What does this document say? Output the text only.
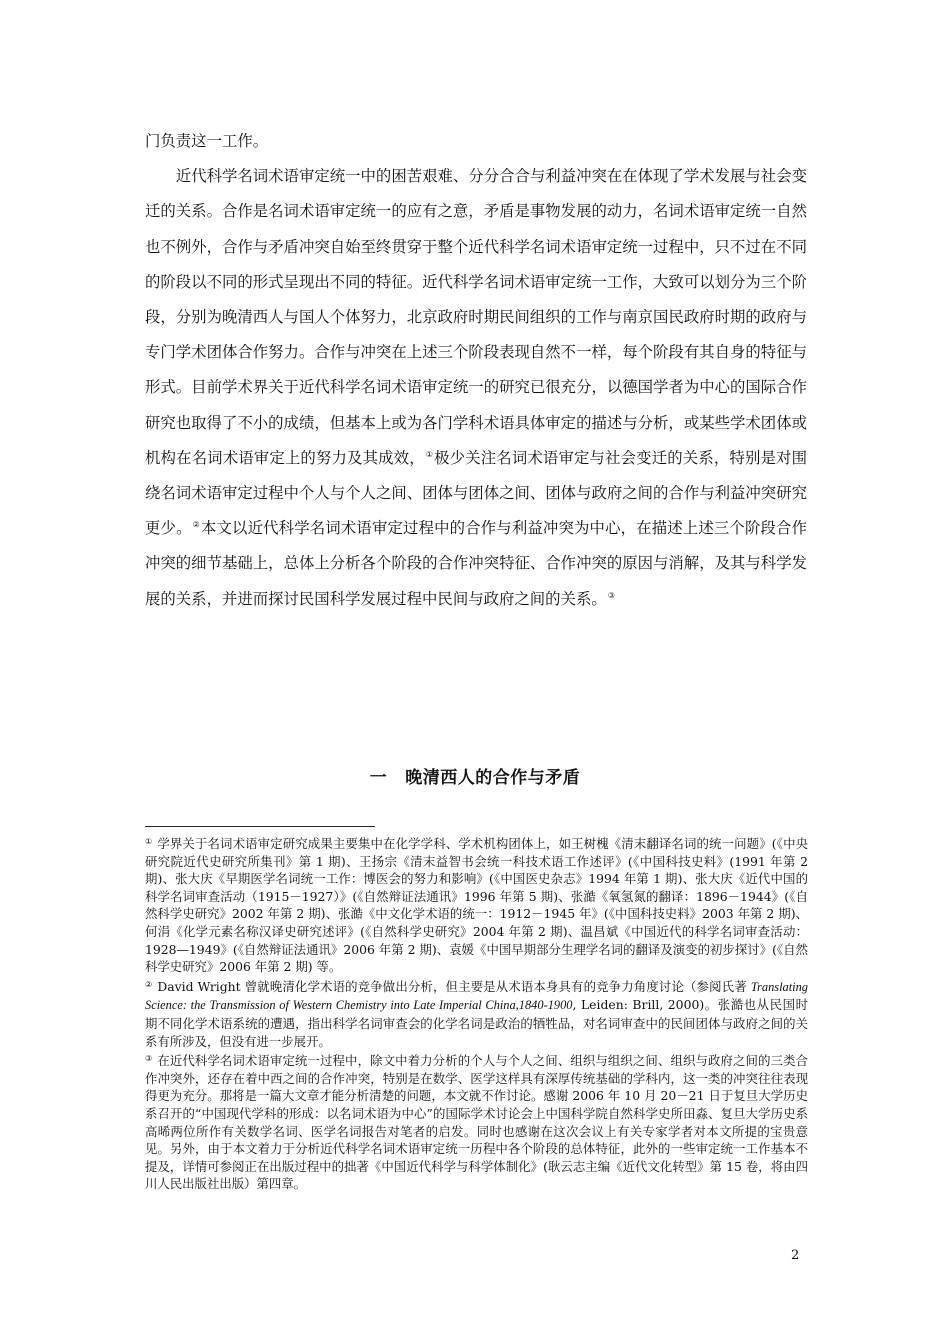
门负责这一工作。

近代科学名词术语审定统一中的困苦艰难、分分合合与利益冲突在在体现了学术发展与社会变迁的关系。合作是名词术语审定统一的应有之意，矛盾是事物发展的动力，名词术语审定统一自然也不例外，合作与矛盾冲突自始至终贯穿于整个近代科学名词术语审定统一过程中，只不过在不同的阶段以不同的形式呈现出不同的特征。近代科学名词术语审定统一工作，大致可以划分为三个阶段，分别为晚清西人与国人个体努力，北京政府时期民间组织的工作与南京国民政府时期的政府与专门学术团体合作努力。合作与冲突在上述三个阶段表现自然不一样，每个阶段有其自身的特征与形式。目前学术界关于近代科学名词术语审定统一的研究已很充分，以德国学者为中心的国际合作研究也取得了不小的成绩，但基本上或为各门学科术语具体审定的描述与分析，或某些学术团体或机构在名词术语审定上的努力及其成效，①极少关注名词术语审定与社会变迁的关系，特别是对围绕名词术语审定过程中个人与个人之间、团体与团体之间、团体与政府之间的合作与利益冲突研究更少。②本文以近代科学名词术语审定过程中的合作与利益冲突为中心，在描述上述三个阶段合作冲突的细节基础上，总体上分析各个阶段的合作冲突特征、合作冲突的原因与消解，及其与科学发展的关系，并进而探讨民国科学发展过程中民间与政府之间的关系。③

一 晚清西人的合作与矛盾

① 学界关于名词术语审定研究成果主要集中在化学学科、学术机构团体上，如王树槐《清末翻译名词的统一问题》(《中央研究院近代史研究所集刊》第 1 期)、王扬宗《清末益智书会统一科技术语工作述评》(《中国科技史料》(1991 年第 2 期)、张大庆《早期医学名词统一工作：博医会的努力和影响》(《中国医史杂志》1994 年第 1 期)、张大庆《近代中国的科学名词审查活动（1915－1927）》(《自然辩证法通讯》1996 年第 5 期)、张澔《氧氢氮的翻译：1896－1944》(《自然科学史研究》2002 年第 2 期)、张澔《中文化学术语的统一：1912－1945 年》(《中国科技史料》2003 年第 2 期)、何涓《化学元素名称汉译史研究述评》(《自然科学史研究》2004 年第 2 期)、温昌斌《中国近代的科学名词审查活动：1928—1949》(《自然辩证法通讯》2006 年第 2 期)、袁媛《中国早期部分生理学名词的翻译及演变的初步探讨》(《自然科学史研究》2006 年第 2 期) 等。

② David Wright 曾就晚清化学术语的竞争做出分析，但主要是从术语本身具有的竞争力角度讨论（参阅氏著 Translating Science: the Transmission of Western Chemistry into Late Imperial China,1840-1900, Leiden: Brill, 2000)。张澔也从民国时期不同化学术语系统的遭遇，指出科学名词审查会的化学名词是政治的牺牲品，对名词审查中的民间团体与政府之间的关系有所涉及，但没有进一步展开。

③ 在近代科学名词术语审定统一过程中，除文中着力分析的个人与个人之间、组织与组织之间、组织与政府之间的三类合作冲突外，还存在着中西之间的合作冲突，特别是在数学、医学这样具有深厚传统基础的学科内，这一类的冲突往往表现得更为充分。那将是一篇大文章才能分析清楚的问题，本文就不作讨论。感谢 2006 年 10 月 20－21 日于复旦大学历史系召开的“中国现代学科的形成：以名词术语为中心”的国际学术讨论会上中国科学院自然科学史所田淼、复旦大学历史系高晞两位所作有关数学名词、医学名词报告对笔者的启发。同时也感谢在这次会议上有关专家学者对本文所提的宝贵意见。另外，由于本文着力于分析近代科学名词术语审定统一历程中各个阶段的总体特征，此外的一些审定统一工作基本不提及，详情可参阅正在出版过程中的拙著《中国近代科学与科学体制化》(耿云志主编《近代文化转型》第 15 卷，将由四川人民出版社出版）第四章。

2
